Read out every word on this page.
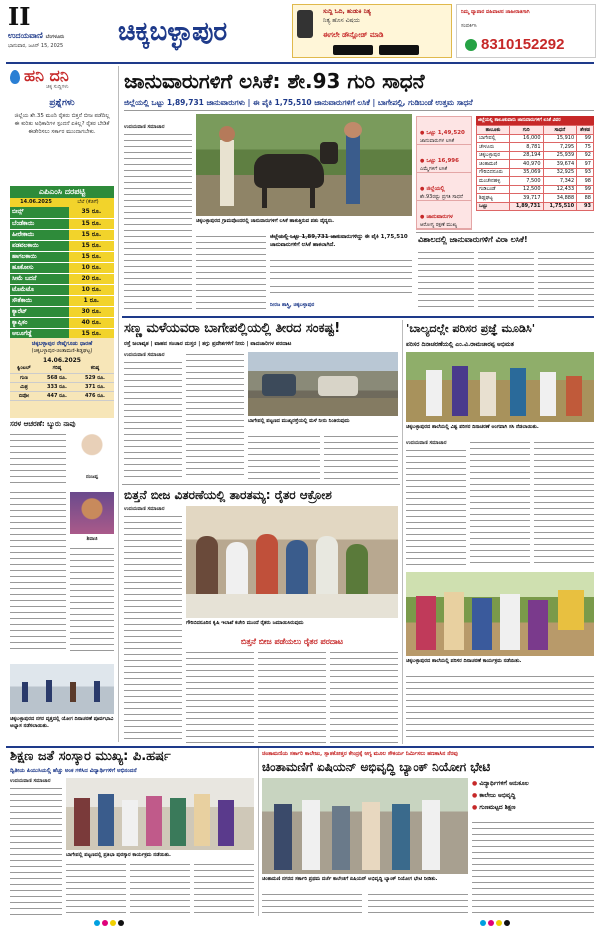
II
ಉದಯವಾಣಿ ಬೆಂಗಳೂರು
ಭಾನುವಾರ, ಜೂನ್ 15, 2025 ಚಿಕ್ಕಬಳ್ಳಾಪುರ
ಸುದ್ದಿ ಓದಿ, ಹುಡುಕಿ ನಿತ್ಯ
ನಿತ್ಯ ಹೊಸ ವಿಷಯ
ಈಗಲೇ ಡೌನ್ಲೋಡ್ ಮಾಡಿ
ನಿಮ್ಮ ವ್ಯಾಪಾರ ವಹಿವಾಟಿನ ಜಾಹೀರಾತಿಗಾಗಿ
ಸಂಪರ್ಕಿಸಿ
8310152292
ಹನಿ ದನಿ
ಚಿಕ್ಕ ಸುದ್ದಿಗಳು
ಪ್ರಶ್ನೆಗಳು
ಜಿಲ್ಲೆಯ ಶೇ.35 ಮಂದಿ ರೈತರು ಬಿತ್ತನೆ ಬೀಜ ಪಡೆದಿಲ್ಲ ಈ ಕುರಿತು ಅಧಿಕಾರಿಗಳ ಸ್ಪಂದನೆ ಏಕಿಲ್ಲ? ರೈತರ ಬೇಡಿಕೆ ಈಡೇರಿಸಲು ಸರ್ಕಾರ ಮುಂದಾಗಬೇಕು.
ಎಪಿಎಂಸಿ ದರಪಟ್ಟಿ
14.06.2025	ಬೆಲೆ (ಕೆಜಿಗೆ)
ಬೀನ್ಸ್	35 ರೂ.
ಬೆಂಡೆಕಾಯಿ	15 ರೂ.
ಹೀರೇಕಾಯಿ	15 ರೂ.
ಪಡವಲಕಾಯಿ	15 ರೂ.
ಹಾಗಲಕಾಯಿ	15 ರೂ.
ಹೂಕೋಸು	10 ರೂ.
ಸೀಮೆ ಬದನೆ	20 ರೂ.
ಟೊಮೆಟೊ	10 ರೂ.
ಸೌತೆಕಾಯಿ	1 ರೂ.
ಕ್ಯಾರೆಟ್	30 ರೂ.
ಕ್ಯಾಪ್ಸಿಕಂ	40 ರೂ.
ಆಲೂಗೆಡ್ಡೆ	15 ರೂ.
ಚಿಕ್ಕಬಳ್ಳಾಪುರ ರೇಷ್ಮೆಗೂಡು ಧಾರಣೆ
(ಚಿಕ್ಕಬಳ್ಳಾಪುರ-ಚಿಂತಾಮಣಿ-ಶಿಡ್ಲಘಟ್ಟ)
14.06.2025
ಕ್ವಿಂಟಲ್	ಗರಿಷ್ಠ	ಕನಿಷ್ಠ
ಗುಣ	568 ರೂ.	529 ರೂ.
ಮಿಶ್ರ	333 ರೂ.	371 ರೂ.
ಬಿವೋ	447 ರೂ.	476 ರೂ.
ಸರಳ ಆಚರಣೆ: ಬ್ಯುರು ನಾವು
ನಂಜಪ್ಪ
ಶಿವಾಜಿ
ಚಿಕ್ಕಬಳ್ಳಾಪುರದ ನಗರ ವೃತ್ತದಲ್ಲಿ ಯೋಗ ದಿನಾಚರಣೆ ಪೂರ್ವಭಾವಿ ಅಭ್ಯಾಸ ನಡೆಸಲಾಯಿತು.
ಜಾನುವಾರುಗಳಿಗೆ ಲಸಿಕೆ: ಶೇ.93 ಗುರಿ ಸಾಧನೆ
ಜಿಲ್ಲೆಯಲ್ಲಿ ಒಟ್ಟು 1,89,731 ಜಾನುವಾರುಗಳು | ಈ ಪೈಕಿ 1,75,510 ಜಾನುವಾರುಗಳಿಗೆ ಲಸಿಕೆ | ಬಾಗೇಪಲ್ಲಿ, ಗುಡಿಬಂಡೆ ಉತ್ತಮ ಸಾಧನೆ
ಉದಯವಾಣಿ ಸಮಾಚಾರ
ಚಿಕ್ಕಬಳ್ಳಾಪುರದ ಗ್ರಾಮವೊಂದರಲ್ಲಿ ಜಾನುವಾರುಗಳಿಗೆ ಲಸಿಕೆ ಹಾಕುತ್ತಿರುವ ಪಶು ವೈದ್ಯರು.
ಜಿಲ್ಲೆಯಲ್ಲಿ ಒಟ್ಟು 1,89,731 ಜಾನುವಾರುಗಳಿದ್ದು ಈ ಪೈಕಿ 1,75,510 ಜಾನುವಾರುಗಳಿಗೆ ಲಸಿಕೆ ಹಾಕಲಾಗಿದೆ.
ನೀರಜ ಶಾಸ್ತ್ರಿ, ಚಿಕ್ಕಬಳ್ಳಾಪುರ
● ಒಟ್ಟು 1,49,520
ಜಾನುವಾರುಗಳ ಲಸಿಕೆ
● ಒಟ್ಟು 16,996
ಎಮ್ಮೆಗಳಿಗೆ ಲಸಿಕೆ
● ಜಿಲ್ಲೆಯಲ್ಲಿ
ಶೇ.93ರಷ್ಟು ಪ್ರಗತಿ ಸಾಧನೆ
● ಜಾನುವಾರುಗಳ
ಆರೋಗ್ಯ ರಕ್ಷಣೆ ಮುಖ್ಯ
ಜಿಲ್ಲೆಯಲ್ಲಿ ತಾಲೂಕುವಾರು ಜಾನುವಾರುಗಳಿಗೆ ಲಸಿಕೆ ವಿವರ
ತಾಲೂಕು	ಗುರಿ	ಸಾಧನೆ	ಶೇಕಡ
ಬಾಗೇಪಲ್ಲಿ	16,000	15,910	99
ಚೇಳೂರು	8,781	7,295	75
ಚಿಕ್ಕಬಳ್ಳಾಪುರ	28,194	25,939	92
ಚಿಂತಾಮಣಿ	40,970	39,674	97
ಗೌರಿಬಿದನೂರು	35,069	32,925	93
ಮಂಚೇನಹಳ್ಳಿ	7,500	7,342	98
ಗುಡಿಬಂಡೆ	12,500	12,433	99
ಶಿಡ್ಲಘಟ್ಟ	39,717	34,888	88
ಒಟ್ಟು	1,89,731	1,75,510	93
ವಿಶಾಲದಲ್ಲಿ ಜಾನುವಾರುಗಳಿಗೆ ವಿರಾ ಲಸಿಕೆ!
ಸಣ್ಣ ಮಳೆಯವರಾ ಬಾಗೇಪಲ್ಲಿಯಲ್ಲಿ ತೀರದ ಸಂಕಷ್ಟ!
ರಸ್ತೆ ಜಲಾವೃತ | ವಾಹನ ಸಂಚಾರ ದುಸ್ತರ | ತಗ್ಗು ಪ್ರದೇಶಗಳಿಗೆ ನೀರು | ಪಾದಚಾರಿಗಳ ಪರದಾಟ
ಉದಯವಾಣಿ ಸಮಾಚಾರ
ಬಾಗೇಪಲ್ಲಿ ಪಟ್ಟಣದ ಮುಖ್ಯರಸ್ತೆಯಲ್ಲಿ ಮಳೆ ನೀರು ನಿಂತಿರುವುದು
ಬಿತ್ತನೆ ಬೀಜ ವಿತರಣೆಯಲ್ಲಿ ತಾರತಮ್ಯ: ರೈತರ ಆಕ್ರೋಶ
ಉದಯವಾಣಿ ಸಮಾಚಾರ
ಗೌರಿಬಿದನೂರಿನ ಕೃಷಿ ಇಲಾಖೆ ಕಚೇರಿ ಮುಂದೆ ರೈತರು ಜಮಾಯಿಸಿರುವುದು
ಬಿತ್ತನೆ ಬೀಜ ಪಡೆಯಲು ರೈತರ ಪರದಾಟ
'ಬಾಲ್ಯದಲ್ಲೇ ಪರಿಸರ ಪ್ರಜ್ಞೆ ಮೂಡಿಸಿ'
ಪರಿಸರ ದಿನಾಚರಣೆಯಲ್ಲಿ ಎಂ.ವಿ.ರಾಮಚಾರಪ್ಪ ಅಭಿಮತ
ಚಿಕ್ಕಬಳ್ಳಾಪುರದ ಶಾಲೆಯಲ್ಲಿ ವಿಶ್ವ ಪರಿಸರ ದಿನಾಚರಣೆ ಅಂಗವಾಗಿ ಸಸಿ ನೆಡಲಾಯಿತು.
ಉದಯವಾಣಿ ಸಮಾಚಾರ
ಚಿಕ್ಕಬಳ್ಳಾಪುರದ ಶಾಲೆಯಲ್ಲಿ ಪರಿಸರ ದಿನಾಚರಣೆ ಕಾರ್ಯಕ್ರಮ ನಡೆಯಿತು.
ಶಿಕ್ಷಣ ಜತೆ ಸಂಸ್ಕಾರ ಮುಖ್ಯ: ಪಿ.ಹರ್ಷ
ದ್ವಿತೀಯ ಪಿಯುಸಿಯಲ್ಲಿ ಹೆಚ್ಚು ಅಂಕ ಗಳಿಸಿದ ವಿದ್ಯಾರ್ಥಿಗಳಿಗೆ ಅಭಿನಂದನೆ
ಉದಯವಾಣಿ ಸಮಾಚಾರ
ಬಾಗೇಪಲ್ಲಿ ಪಟ್ಟಣದಲ್ಲಿ ಪ್ರತಿಭಾ ಪುರಸ್ಕಾರ ಕಾರ್ಯಕ್ರಮ ನಡೆಯಿತು.
ಚಿಂತಾಮಣಿಯ ಸರ್ಕಾರಿ ಕಾಲೇಜು, ಸ್ನಾತಕೋತ್ತರ ಕೇಂದ್ರಕ್ಕೆ ಆಗ್ಯ ಮೂಲ ಸೌಕರ್ಯ ನಿರ್ಮಿಸಲು ಹಣಕಾಸಿನ ನೆರವು
ಚಿಂತಾಮಣಿಗೆ ಏಷಿಯನ್ ಅಭಿವೃದ್ಧಿ ಬ್ಯಾಂಕ್ ನಿಯೋಗ ಭೇಟಿ
ಚಿಂತಾಮಣಿ ನಗರದ ಸರ್ಕಾರಿ ಪ್ರಥಮ ದರ್ಜೆ ಕಾಲೇಜಿಗೆ ಏಷಿಯನ್ ಅಭಿವೃದ್ಧಿ ಬ್ಯಾಂಕ್ ನಿಯೋಗ ಭೇಟಿ ನೀಡಿತು.
● ವಿದ್ಯಾರ್ಥಿಗಳಿಗೆ ಅನುಕೂಲ
● ಕಾಲೇಜು ಅಭಿವೃದ್ಧಿ
● ಗುಣಮಟ್ಟದ ಶಿಕ್ಷಣ
